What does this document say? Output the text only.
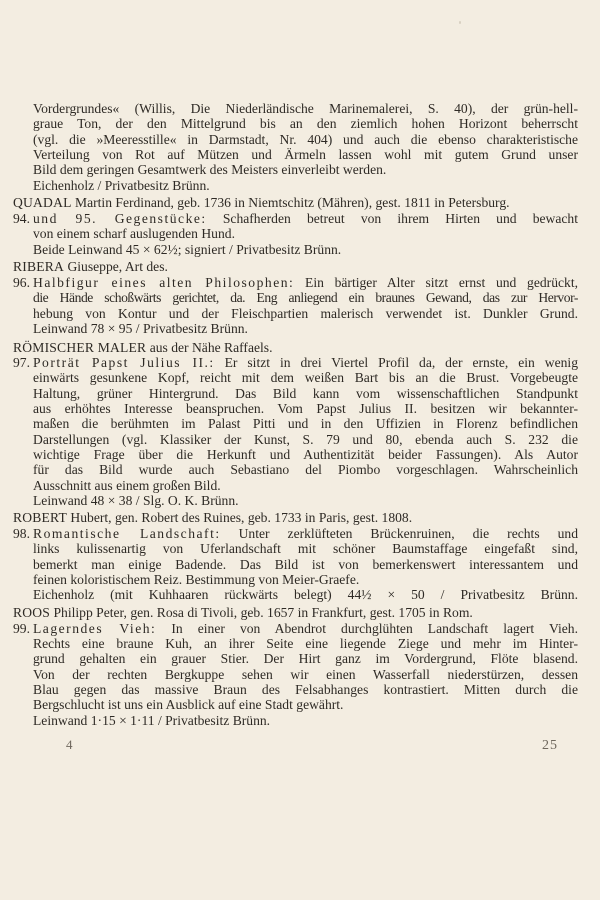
Vordergrundes« (Willis, Die Niederländische Marinemalerei, S. 40), der grün-hell-
graue Ton, der den Mittelgrund bis an den ziemlich hohen Horizont beherrscht
(vgl. die »Meeresstille« in Darmstadt, Nr. 404) und auch die ebenso charakteristische
Verteilung von Rot auf Mützen und Ärmeln lassen wohl mit gutem Grund unser
Bild dem geringen Gesamtwerk des Meisters einverleibt werden.
Eichenholz / Privatbesitz Brünn.
QUADAL Martin Ferdinand, geb. 1736 in Niemtschitz (Mähren), gest. 1811 in Petersburg.
94. und 95. Gegenstücke: Schafherden betreut von ihrem Hirten und bewacht
von einem scharf auslugenden Hund.
Beide Leinwand 45 × 62½; signiert / Privatbesitz Brünn.
RIBERA Giuseppe, Art des.
96. Halbfigur eines alten Philosophen: Ein bärtiger Alter sitzt ernst und gedrückt,
die Hände schoßwärts gerichtet, da. Eng anliegend ein braunes Gewand, das zur Hervor-
hebung von Kontur und der Fleischpartien malerisch verwendet ist. Dunkler Grund.
Leinwand 78 × 95 / Privatbesitz Brünn.
RÖMISCHER MALER aus der Nähe Raffaels.
97. Porträt Papst Julius II.: Er sitzt in drei Viertel Profil da, der ernste, ein wenig
einwärts gesunkene Kopf, reicht mit dem weißen Bart bis an die Brust. Vorgebeugte
Haltung, grüner Hintergrund. Das Bild kann vom wissenschaftlichen Standpunkt
aus erhöhtes Interesse beanspruchen. Vom Papst Julius II. besitzen wir bekannter-
maßen die berühmten im Palast Pitti und in den Uffizien in Florenz befindlichen
Darstellungen (vgl. Klassiker der Kunst, S. 79 und 80, ebenda auch S. 232 die
wichtige Frage über die Herkunft und Authentizität beider Fassungen). Als Autor
für das Bild wurde auch Sebastiano del Piombo vorgeschlagen. Wahrscheinlich
Ausschnitt aus einem großen Bild.
Leinwand 48 × 38 / Slg. O. K. Brünn.
ROBERT Hubert, gen. Robert des Ruines, geb. 1733 in Paris, gest. 1808.
98. Romantische Landschaft: Unter zerklüfteten Brückenruinen, die rechts und
links kulissenartig von Uferlandschaft mit schöner Baumstaffage eingefaßt sind,
bemerkt man einige Badende. Das Bild ist von bemerkenswert interessantem und
feinen koloristischem Reiz. Bestimmung von Meier-Graefe.
Eichenholz (mit Kuhhaaren rückwärts belegt) 44½ × 50 / Privatbesitz Brünn.
ROOS Philipp Peter, gen. Rosa di Tivoli, geb. 1657 in Frankfurt, gest. 1705 in Rom.
99. Lagerndes Vieh: In einer von Abendrot durchglühten Landschaft lagert Vieh.
Rechts eine braune Kuh, an ihrer Seite eine liegende Ziege und mehr im Hinter-
grund gehalten ein grauer Stier. Der Hirt ganz im Vordergrund, Flöte blasend.
Von der rechten Bergkuppe sehen wir einen Wasserfall niederstürzen, dessen
Blau gegen das massive Braun des Felsabhanges kontrastiert. Mitten durch die
Bergschlucht ist uns ein Ausblick auf eine Stadt gewährt.
Leinwand 1·15 × 1·11 / Privatbesitz Brünn.
4	25
